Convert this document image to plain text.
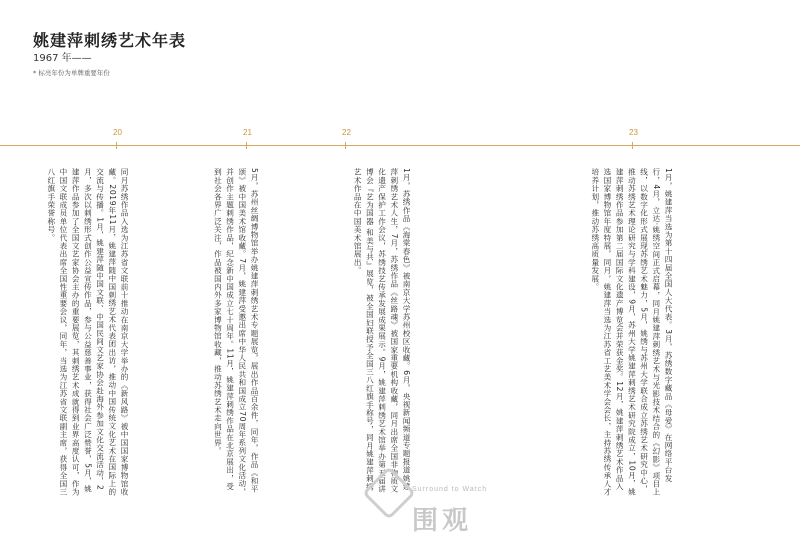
姚建萍刺绣艺术年表
1967 年——
* 标亮年份为单牌重要年份
20	21	22	23
同月苏绣作品入选为江苏省文联前十推动在南京大学举办的《新风路》被中国国家博物馆收藏。2019年11月，姚建萍随中国刺绣艺术代表团出访，推动中国传统文化艺术在国际上的交流与传播。1月，姚建萍随中国文联、中国民间文艺家协会赴海外参加文化交流活动，2月，多次以刺绣形式创作公益宣传作品，参与公益慈善事业，获得社会广泛赞誉，5月，姚建萍作品参加了全国文艺家协会主办的重要展览，其刺绣艺术成就得到业界高度认可，作为中国文联成员单位代表出席全国性重要会议，同年，当选为江苏省文联副主席，获得全国三八红旗手荣誉称号。	5月，苏州丝绸博物馆举办姚建萍刺绣艺术专题展览，展出作品百余件，同年，作品《和平颂》被中国美术馆收藏。7月，姚建萍受邀出席中华人民共和国成立70周年系列文化活动，并创作主题刺绣作品，纪念新中国成立七十周年。11月，姚建萍刺绣作品在北京展出，受到社会各界广泛关注，作品被国内外多家博物馆收藏，推动苏绣艺术走向世界。	1月，苏绣作品《海棠春色》被南京大学苏州校区收藏。6月，央视新闻频道专题报道姚建萍刺绣艺术人生，7月，苏绣作品《丝路魂》被国家重要机构收藏，同月出席全国非物质文化遗产保护工作会议，苏绣技艺传承发展成果展示。9月，姚建萍刺绣艺术馆举办第五届讲博会『艺为国器 和美与共』展览，被全国妇联授予全国三八红旗手称号，同月姚建萍刺绣艺术作品在中国美术馆展出。	1月，姚建萍当选为第十四届全国人大代表。3月，苏绣数字藏品《母爱》在网络平台发行，4月，立达·姚绣空间正式启幕，同月姚建萍刺绣艺术与光影技术结合的《幻影》项目上线，以数字化形式展现苏绣艺术魅力，5月，姚绣与苏州大学联合成立苏绣艺术研究中心，推动苏绣艺术理论研究与学科建设，9月，苏州大学姚建萍刺绣艺术研究院成立，10月，姚建萍刺绣作品参加第二届国际文化遗产博览会并荣获金奖。12月，姚建萍刺绣艺术作品入选国家博物馆年度特展，同月，姚建萍当选为江苏省工艺美术学会会长，主持苏绣传承人才培养计划，推动苏绣高质量发展。
Surround to Watch
围观
